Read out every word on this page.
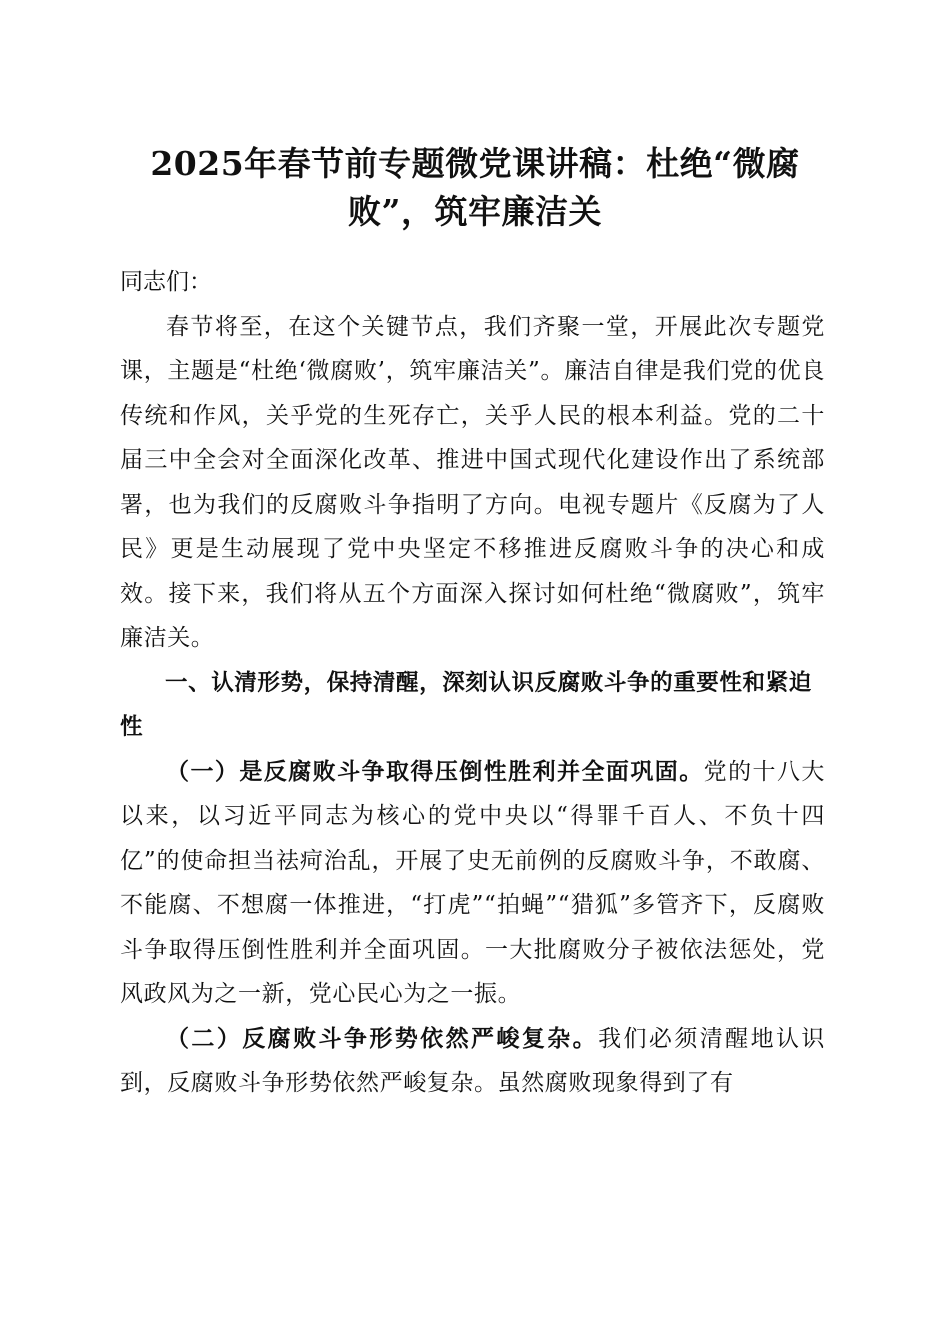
2025年春节前专题微党课讲稿：杜绝“微腐败”，筑牢廉洁关

同志们：

春节将至，在这个关键节点，我们齐聚一堂，开展此次专题党课，主题是“杜绝‘微腐败’，筑牢廉洁关”。廉洁自律是我们党的优良传统和作风，关乎党的生死存亡，关乎人民的根本利益。党的二十届三中全会对全面深化改革、推进中国式现代化建设作出了系统部署，也为我们的反腐败斗争指明了方向。电视专题片《反腐为了人民》更是生动展现了党中央坚定不移推进反腐败斗争的决心和成效。接下来，我们将从五个方面深入探讨如何杜绝“微腐败”，筑牢廉洁关。

一、认清形势，保持清醒，深刻认识反腐败斗争的重要性和紧迫性

（一）是反腐败斗争取得压倒性胜利并全面巩固。党的十八大以来，以习近平同志为核心的党中央以“得罪千百人、不负十四亿”的使命担当祛疴治乱，开展了史无前例的反腐败斗争，不敢腐、不能腐、不想腐一体推进，“打虎”“拍蝇”“猎狐”多管齐下，反腐败斗争取得压倒性胜利并全面巩固。一大批腐败分子被依法惩处，党风政风为之一新，党心民心为之一振。

（二）反腐败斗争形势依然严峻复杂。我们必须清醒地认识到，反腐败斗争形势依然严峻复杂。虽然腐败现象得到了有
